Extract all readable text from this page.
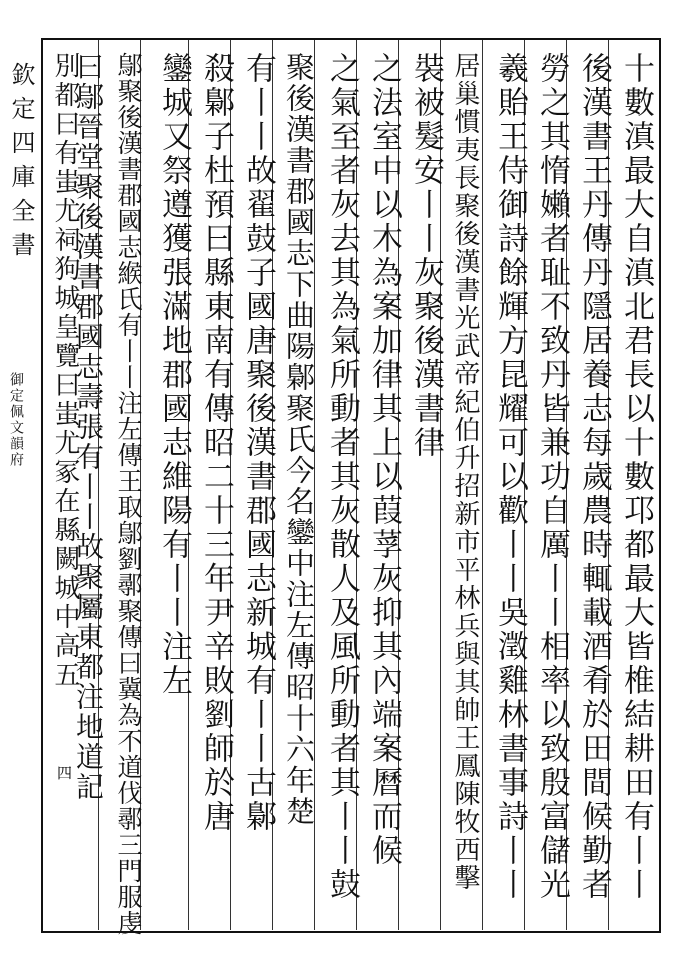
欽定四庫全書
御定佩文韻府
四	十數滇最大自滇北君長以十數邛都最大皆椎結耕田有丨丨
後漢書王丹傳丹隱居養志每歲農時輒載酒肴於田間候勤者
勞之其惰嬾者耻不致丹皆兼功自厲丨丨相率以致殷富儲光
羲貽王侍御詩餘輝方昆耀可以歡丨丨吳澂雞林書事詩丨丨
居巢慣夷長聚後漢書光武帝紀伯升招新市平林兵與其帥王鳳陳牧西擊
裝被髮安丨丨灰聚後漢書律
之法室中以木為案加律其上以葭莩灰抑其內端案曆而候
之氣至者灰去其為氣所動者其灰散人及風所動者其丨丨鼓
聚後漢書郡國志下曲陽鄡聚氏今名鑾中注左傳昭十六年楚
有丨丨故翟鼓子國唐聚後漢書郡國志新城有丨丨古鄡
殺鄡子杜預曰縣東南有傳昭二十三年尹辛敗劉師於唐
鑾城又祭遵獲張滿地郡國志維陽有丨丨注左
鄔聚後漢書郡國志緱氏有丨丨注左傳王取鄔劉鄩聚傳曰冀為不道伐鄩三門服虔
曰鄔晉堂聚後漢書郡國志壽張有丨丨故聚屬東都注地道記
別都曰有蚩尤祠狗城皇覽曰蚩尤冢在縣闕城中高五
